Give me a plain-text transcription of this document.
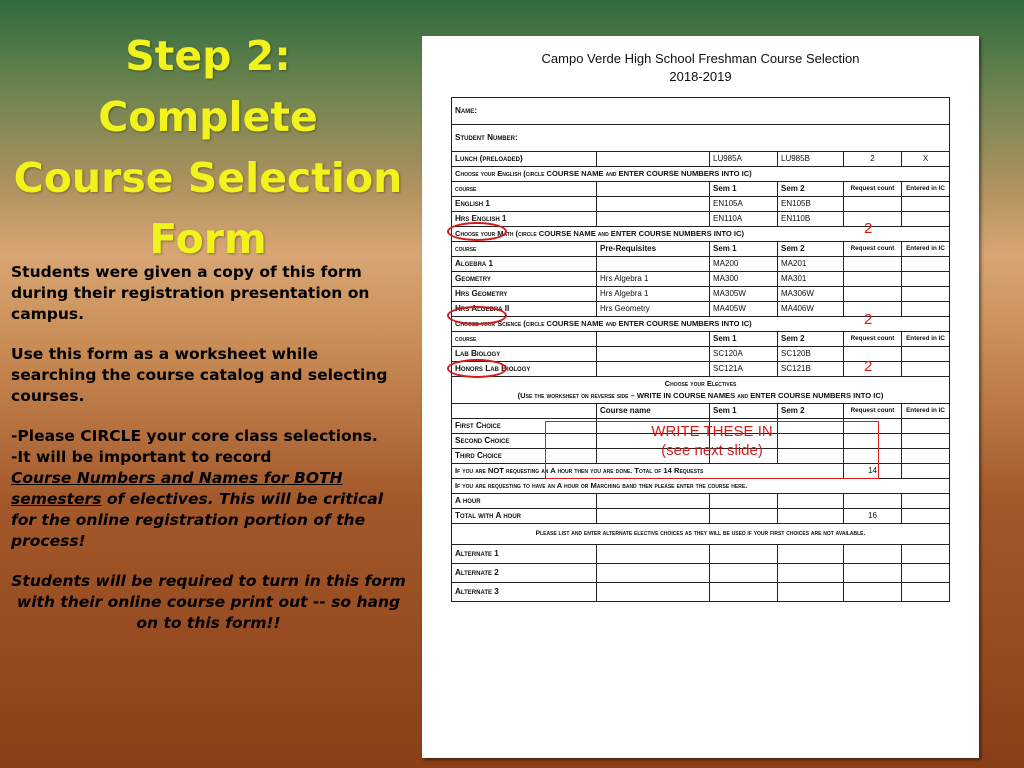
Step 2:
Complete
Course Selection
Form

Students were given a copy of this form during their registration presentation on campus.

Use this form as a worksheet while searching the course catalog and selecting courses.

-Please CIRCLE your core class selections.

-It will be important to record

Course Numbers and Names for BOTH semesters of electives. This will be critical for the online registration portion of the process!

Students will be required to turn in this form with their online course print out -- so hang on to this form!!

Campo Verde High School Freshman Course Selection
2018-2019
Name:					
Student Number:					
Lunch (preloaded)		LU985A	LU985B	2	X
Choose your English (circle COURSE NAME and ENTER COURSE NUMBERS INTO IC)					
course		Sem 1	Sem 2	Request count	Entered in IC
English 1		EN105A	EN105B		
Hrs English 1		EN110A	EN110B		
Choose your Math (circle COURSE NAME and ENTER COURSE NUMBERS INTO IC)					
course	Pre-Requisites	Sem 1	Sem 2	Request count	Entered in IC
Algebra 1		MA200	MA201		
Geometry	Hrs Algebra 1	MA300	MA301		
Hrs Geometry	Hrs Algebra 1	MA305W	MA306W		
Hrs Algebra II	Hrs Geometry	MA405W	MA406W		
Choose your Science (circle COURSE NAME and ENTER COURSE NUMBERS INTO IC)					
course		Sem 1	Sem 2	Request count	Entered in IC
Lab Biology		SC120A	SC120B		
Honors Lab Biology		SC121A	SC121B		

Choose your Electives
(Use the worksheet on reverse side – WRITE IN COURSE NAMES and ENTER COURSE NUMBERS INTO IC)					

	Course name	Sem 1	Sem 2	Request count	Entered in IC
First Choice					
Second Choice					
Third Choice					
If you are NOT requesting an A hour then you are done. Total of 14 Requests				14	
If you are requesting to have an A hour or Marching band then please enter the course here.					
A hour					
Total with A hour				16	
Please list and enter alternate elective choices as they will be used if your first choices are not available.					
Alternate 1					
Alternate 2					
Alternate 3					
2
2
2
WRITE THESE IN
(see next slide)
